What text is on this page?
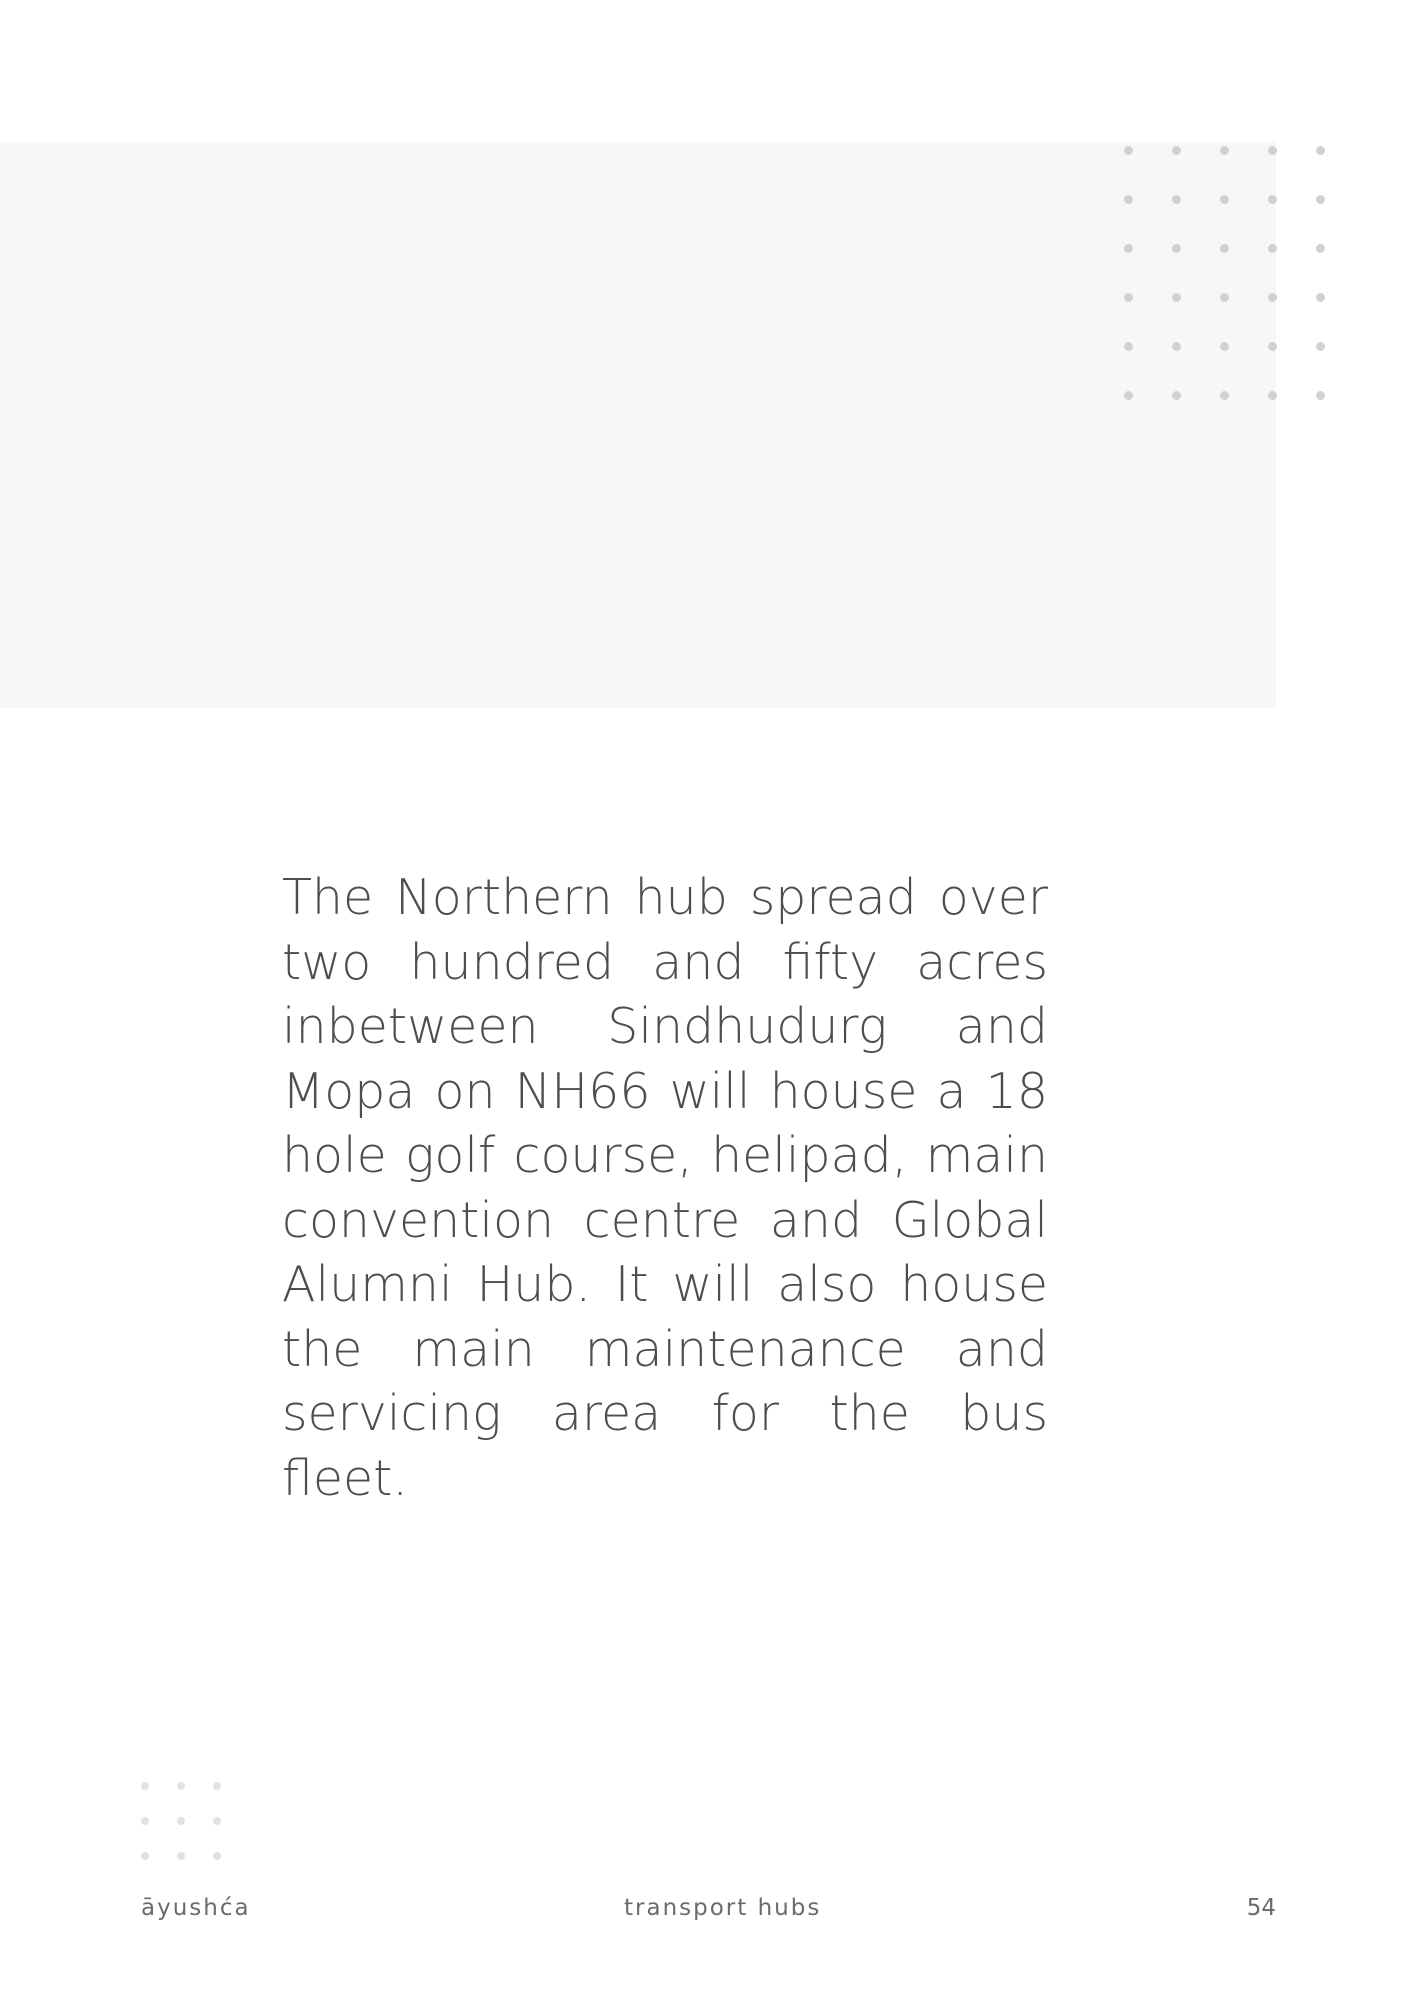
The Northern hub spread over two hundred and fifty acres inbetween Sindhudurg and Mopa on NH66 will house a 18 hole golf course, helipad, main convention centre and Global Alumni Hub. It will also house the main maintenance and servicing area for the bus fleet.

āyushća	transport hubs	54
